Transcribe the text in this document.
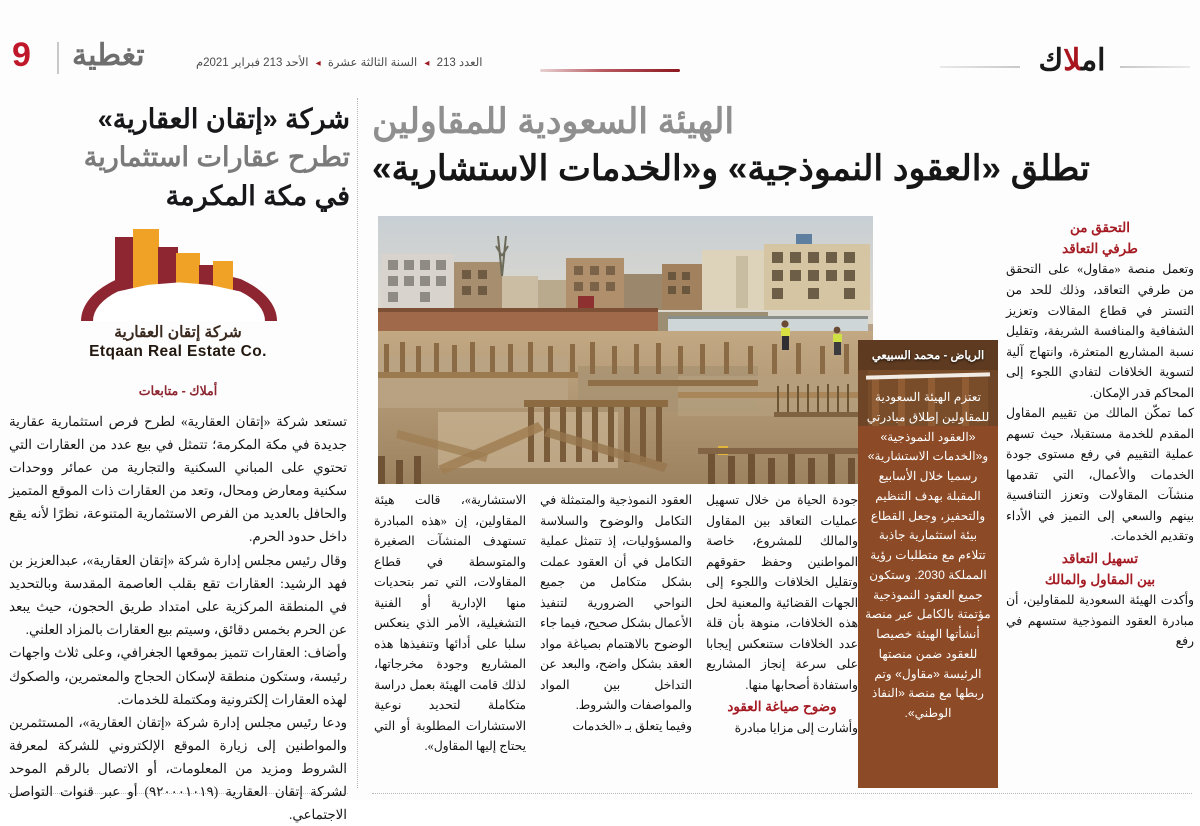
9 تغطية	العدد 213 ◂ السنة الثالثة عشرة ◂ الأحد 213 فبراير 2021م	املاك
شركة «إتقان العقارية»
تطرح عقارات استثمارية
في مكة المكرمة
شركة إتقان العقارية
Etqaan Real Estate Co.
أملاك - متابعات

تستعد شركة «إتقان العقارية» لطرح فرص استثمارية عقارية جديدة في مكة المكرمة؛ تتمثل في بيع عدد من العقارات التي تحتوي على المباني السكنية والتجارية من عمائر ووحدات سكنية ومعارض ومحال، وتعد من العقارات ذات الموقع المتميز والحافل بالعديد من الفرص الاستثمارية المتنوعة، نظرًا لأنه يقع داخل حدود الحرم.

وقال رئيس مجلس إدارة شركة «إتقان العقارية»، عبدالعزيز بن فهد الرشيد: العقارات تقع بقلب العاصمة المقدسة وبالتحديد في المنطقة المركزية على امتداد طريق الحجون، حيث يبعد عن الحرم بخمس دقائق، وسيتم بيع العقارات بالمزاد العلني.

وأضاف: العقارات تتميز بموقعها الجغرافي، وعلى ثلاث واجهات رئيسة، وستكون منطقة لإسكان الحجاج والمعتمرين، والصكوك لهذه العقارات إلكترونية ومكتملة للخدمات.

ودعا رئيس مجلس إدارة شركة «إتقان العقارية»، المستثمرين والمواطنين إلى زيارة الموقع الإلكتروني للشركة لمعرفة الشروط ومزيد من المعلومات، أو الاتصال بالرقم الموحد لشركة إتقان العقارية (٩٢٠٠٠١٠١٩) أو عبر قنوات التواصل الاجتماعي.

الهيئة السعودية للمقاولين
تطلق «العقود النموذجية» و«الخدمات الاستشارية»
الرياض - محمد السبيعي
تعتزم الهيئة السعودية للمقاولين إطلاق مبادرتي «العقود النموذجية» و«الخدمات الاستشارية» رسميا خلال الأسابيع المقبلة بهدف التنظيم والتحفيز، وجعل القطاع بيئة استثمارية جاذبة تتلاءم مع متطلبات رؤية المملكة 2030. وستكون جميع العقود النموذجية مؤتمتة بالكامل عبر منصة أنشأتها الهيئة خصيصا للعقود ضمن منصتها الرئيسة «مقاول» وتم ربطها مع منصة «النفاذ الوطني».

الاستشارية»، قالت هيئة المقاولين، إن «هذه المبادرة تستهدف المنشآت الصغيرة والمتوسطة في قطاع المقاولات، التي تمر بتحديات منها الإدارية أو الفنية التشغيلية، الأمر الذي ينعكس سلبا على أدائها وتنفيذها هذه المشاريع وجودة مخرجاتها، لذلك قامت الهيئة بعمل دراسة متكاملة لتحديد نوعية الاستشارات المطلوبة أو التي يحتاج إليها المقاول».

العقود النموذجية والمتمثلة في التكامل والوضوح والسلاسة والمسؤوليات، إذ تتمثل عملية التكامل في أن العقود عملت بشكل متكامل من جميع النواحي الضرورية لتنفيذ الأعمال بشكل صحيح، فيما جاء الوضوح بالاهتمام بصياغة مواد العقد بشكل واضح، والبعد عن التداخل بين المواد والمواصفات والشروط.

وفيما يتعلق بـ «الخدمات

جودة الحياة من خلال تسهيل عمليات التعاقد بين المقاول والمالك للمشروع، خاصة المواطنين وحفظ حقوقهم وتقليل الخلافات واللجوء إلى الجهات القضائية والمعنية لحل هذه الخلافات، منوهة بأن قلة عدد الخلافات ستنعكس إيجابا على سرعة إنجاز المشاريع واستفادة أصحابها منها.

وضوح صياغة العقود

وأشارت إلى مزايا مبادرة

التحقق من
طرفي التعاقد

وتعمل منصة «مقاول» على التحقق من طرفي التعاقد، وذلك للحد من التستر في قطاع المقالات وتعزيز الشفافية والمنافسة الشريفة، وتقليل نسبة المشاريع المتعثرة، وانتهاج آلية لتسوية الخلافات لتفادي اللجوء إلى المحاكم قدر الإمكان.

كما تمكّن المالك من تقييم المقاول المقدم للخدمة مستقبلا، حيث تسهم عملية التقييم في رفع مستوى جودة الخدمات والأعمال، التي تقدمها منشآت المقاولات وتعزز التنافسية بينهم والسعي إلى التميز في الأداء وتقديم الخدمات.

تسهيل التعاقد
بين المقاول والمالك

وأكدت الهيئة السعودية للمقاولين، أن مبادرة العقود النموذجية ستسهم في رفع
